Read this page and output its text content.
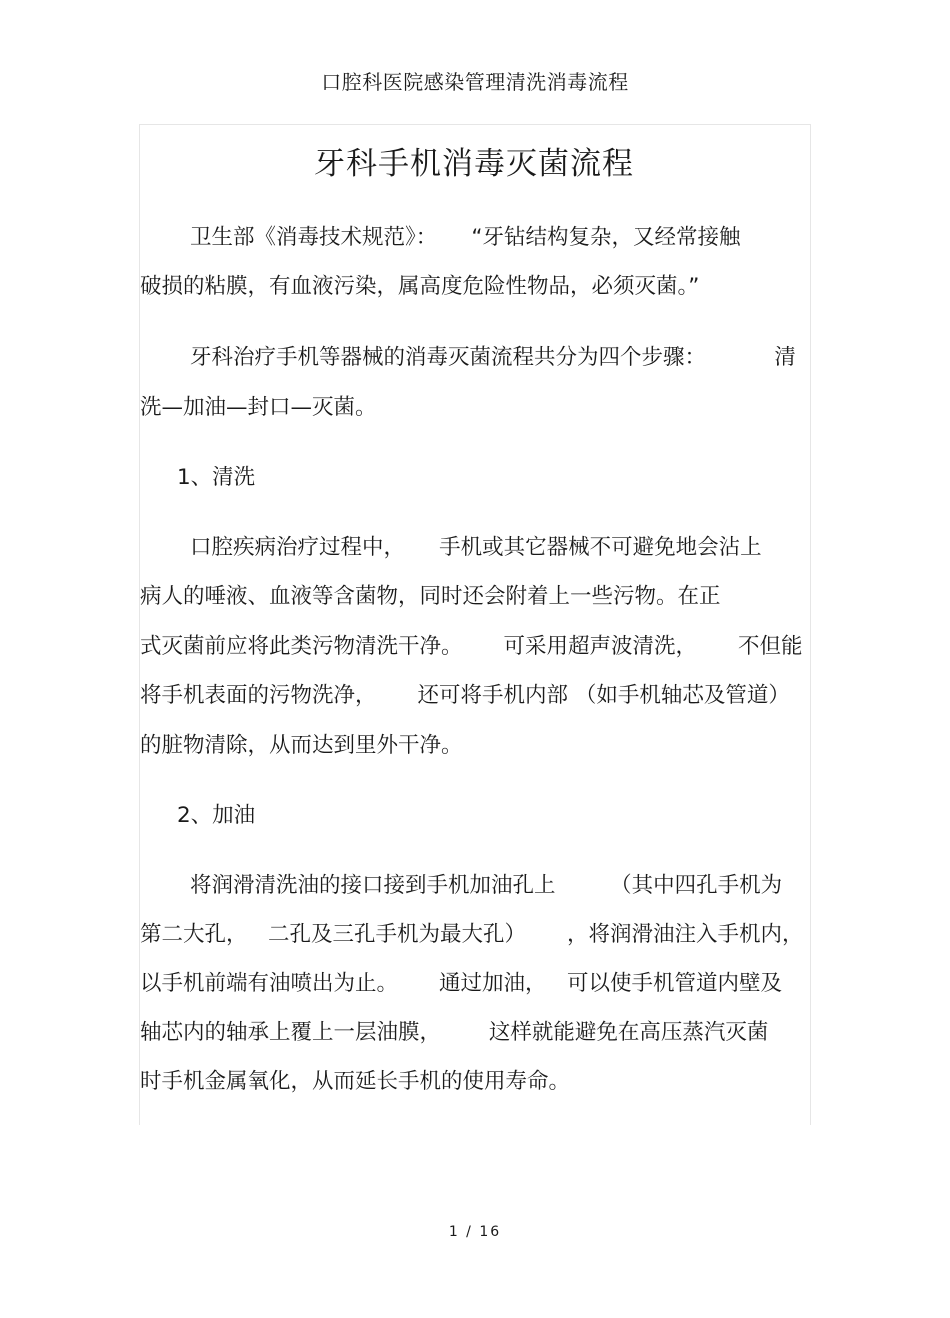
口腔科医院感染管理清洗消毒流程
牙科手机消毒灭菌流程
卫生部《消毒技术规范》：     “牙钻结构复杂，又经常接触
破损的粘膜，有血液污染，属高度危险性物品，必须灭菌。”
牙科治疗手机等器械的消毒灭菌流程共分为四个步骤：          清
洗—加油—封口—灭菌。
1、清洗
口腔疾病治疗过程中，     手机或其它器械不可避免地会沾上
病人的唾液、血液等含菌物，同时还会附着上一些污物。在正
式灭菌前应将此类污物清洗干净。      可采用超声波清洗，      不但能
将手机表面的污物洗净，      还可将手机内部 （如手机轴芯及管道）
的脏物清除，从而达到里外干净。
2、加油
将润滑清洗油的接口接到手机加油孔上        （其中四孔手机为
第二大孔，   二孔及三孔手机为最大孔）      ，将润滑油注入手机内，
以手机前端有油喷出为止。      通过加油，   可以使手机管道内壁及
轴芯内的轴承上覆上一层油膜，       这样就能避免在高压蒸汽灭菌
时手机金属氧化，从而延长手机的使用寿命。
1 / 16
